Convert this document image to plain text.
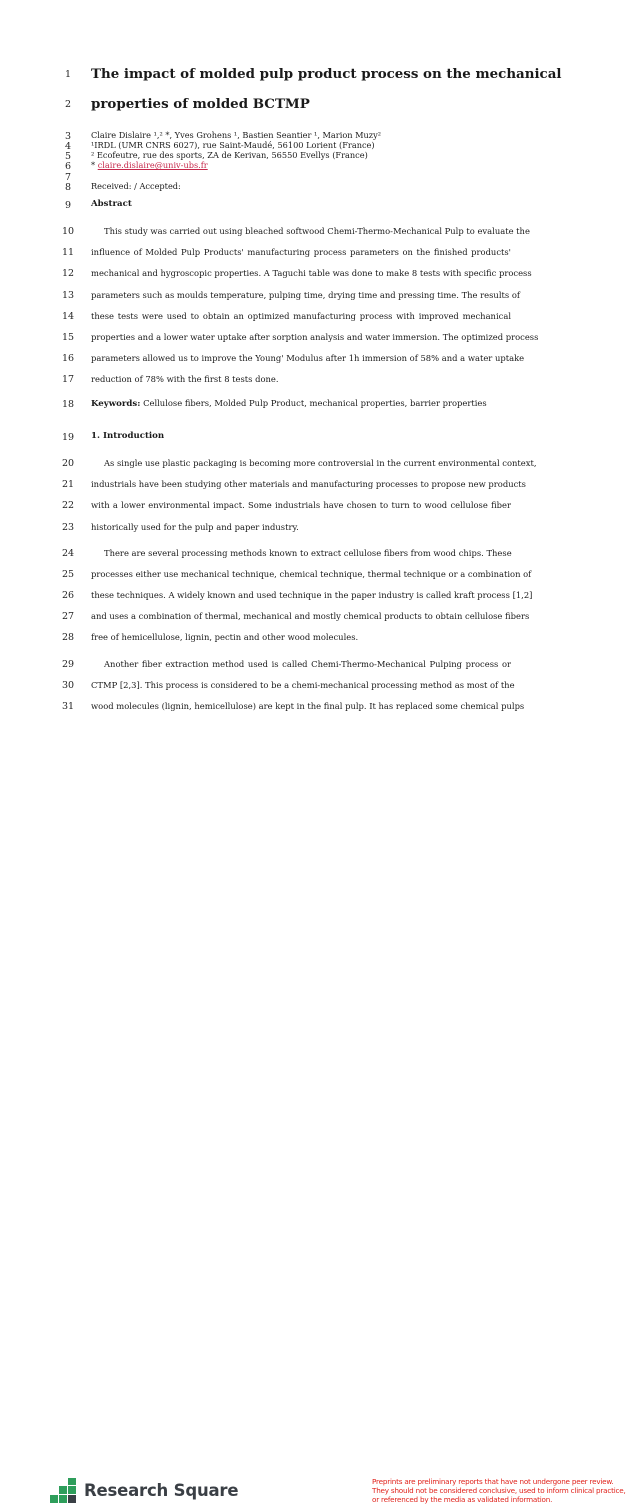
1
2
3
4
5
6
7
8
9
10
11
12
13
14
15
16
17
18
19
20
21
22
23
24
25
26
27
28
29
30
31
The impact of molded pulp product process on the mechanical
properties of molded BCTMP
Claire Dislaire ¹,² *, Yves Grohens ¹, Bastien Seantier ¹, Marion Muzy²
¹IRDL (UMR CNRS 6027), rue Saint-Maudé, 56100 Lorient (France)
² Ecofeutre, rue des sports, ZA de Kerivan, 56550 Evellys (France)
* claire.dislaire@univ-ubs.fr
Received: / Accepted:
Abstract
This study was carried out using bleached softwood Chemi-Thermo-Mechanical Pulp to evaluate the
influence of Molded Pulp Products' manufacturing process parameters on the finished products'
mechanical and hygroscopic properties. A Taguchi table was done to make 8 tests with specific process
parameters such as moulds temperature, pulping time, drying time and pressing time. The results of
these tests were used to obtain an optimized manufacturing process with improved mechanical
properties and a lower water uptake after sorption analysis and water immersion. The optimized process
parameters allowed us to improve the Young' Modulus after 1h immersion of 58% and a water uptake
reduction of 78% with the first 8 tests done.
Keywords: Cellulose fibers, Molded Pulp Product, mechanical properties, barrier properties
1. Introduction
As single use plastic packaging is becoming more controversial in the current environmental context,
industrials have been studying other materials and manufacturing processes to propose new products
with a lower environmental impact. Some industrials have chosen to turn to wood cellulose fiber
historically used for the pulp and paper industry.
There are several processing methods known to extract cellulose fibers from wood chips. These
processes either use mechanical technique, chemical technique, thermal technique or a combination of
these techniques. A widely known and used technique in the paper industry is called kraft process [1,2]
and uses a combination of thermal, mechanical and mostly chemical products to obtain cellulose fibers
free of hemicellulose, lignin, pectin and other wood molecules.
Another fiber extraction method used is called Chemi-Thermo-Mechanical Pulping process or
CTMP [2,3]. This process is considered to be a chemi-mechanical processing method as most of the
wood molecules (lignin, hemicellulose) are kept in the final pulp. It has replaced some chemical pulps
Research Square	Preprints are preliminary reports that have not undergone peer review.
They should not be considered conclusive, used to inform clinical practice,
or referenced by the media as validated information.
